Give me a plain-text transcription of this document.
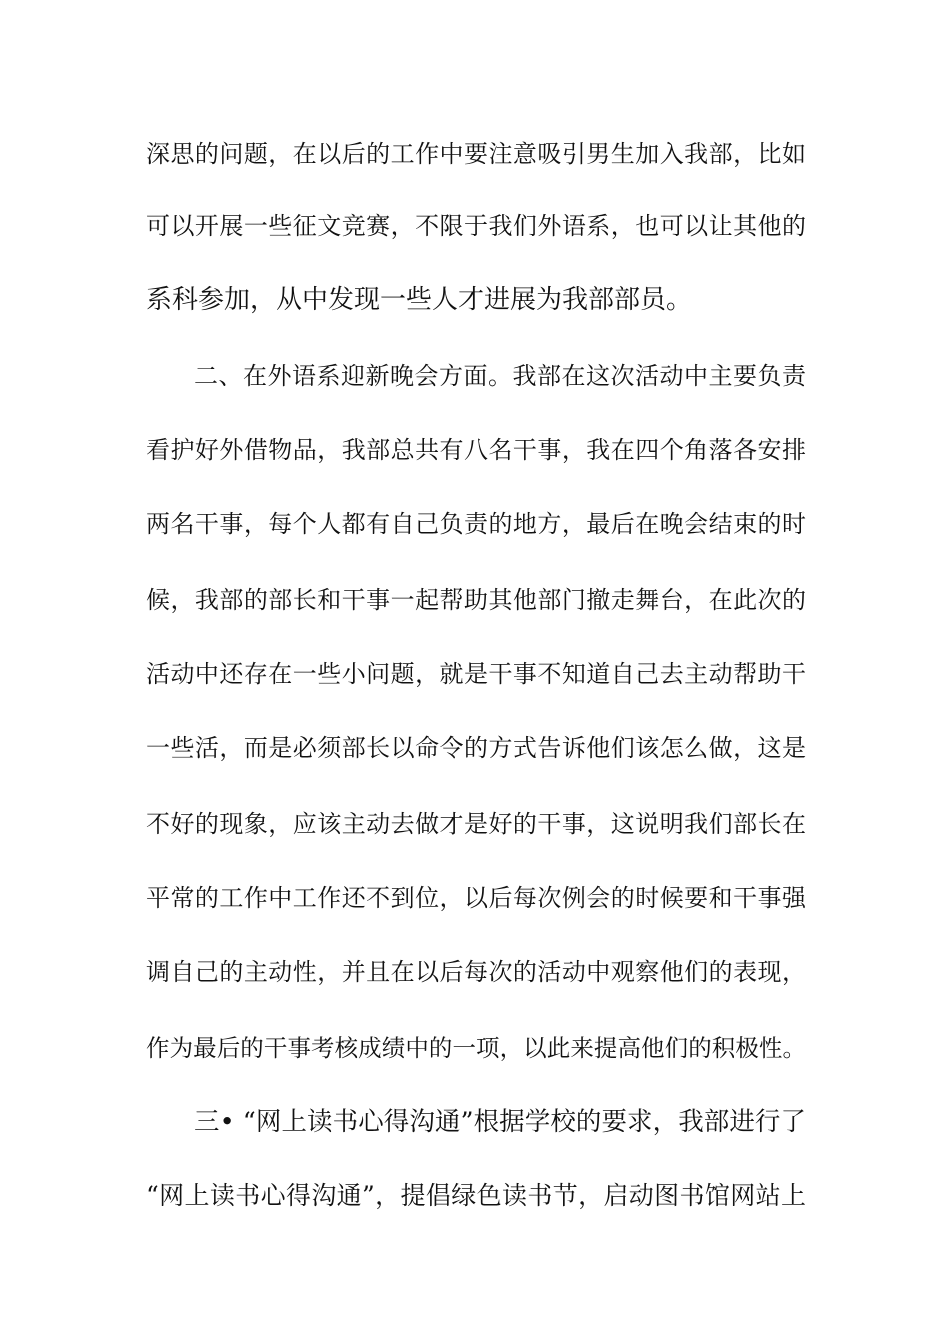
深思的问题，在以后的工作中要注意吸引男生加入我部，比如
可以开展一些征文竞赛，不限于我们外语系，也可以让其他的
系科参加，从中发现一些人才进展为我部部员。
二、在外语系迎新晚会方面。我部在这次活动中主要负责
看护好外借物品，我部总共有八名干事，我在四个角落各安排
两名干事，每个人都有自己负责的地方，最后在晚会结束的时
候，我部的部长和干事一起帮助其他部门撤走舞台，在此次的
活动中还存在一些小问题，就是干事不知道自己去主动帮助干
一些活，而是必须部长以命令的方式告诉他们该怎么做，这是
不好的现象，应该主动去做才是好的干事，这说明我们部长在
平常的工作中工作还不到位，以后每次例会的时候要和干事强
调自己的主动性，并且在以后每次的活动中观察他们的表现，
作为最后的干事考核成绩中的一项，以此来提高他们的积极性。
三• “网上读书心得沟通”根据学校的要求，我部进行了
“网上读书心得沟通”，提倡绿色读书节，启动图书馆网站上
